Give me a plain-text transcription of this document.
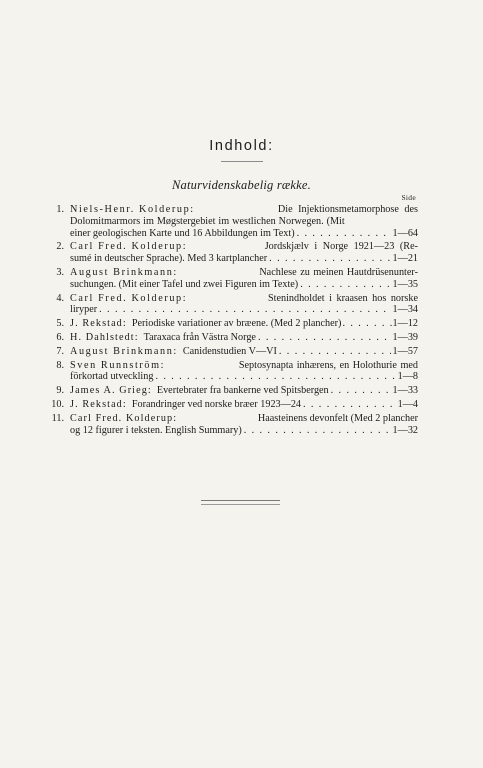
Indhold:
Naturvidenskabelig række.
Side
1. Niels-Henr. Kolderup:	Die Injektionsmetamorphose des
Dolomitmarmors im Møgstergebiet im westlichen Norwegen. (Mit
einer geologischen Karte und 16 Abbildungen im Text) . . .	1—64
2. Carl Fred. Kolderup:	Jordskjælv i Norge 1921—23 (Re-
sumé in deutscher Sprache). Med 3 kartplancher . . .	1—21
3. August Brinkmann:	Nachlese zu meinen Hautdrüsenunter-
suchungen. (Mit einer Tafel und zwei Figuren im Texte) . . .	1—35
4. Carl Fred. Kolderup:	Stenindholdet i kraasen hos norske
liryper . . .	1—34
5. J. Rekstad: Periodiske variationer av bræene. (Med 2 plancher) . . .	1—12
6. H. Dahlstedt: Taraxaca från Västra Norge . . .	1—39
7. August Brinkmann: Canidenstudien V—VI . . .	1—57
8. Sven Runnström:	Septosynapta inhærens, en Holothurie med
förkortad utveckling . . .	1—8
9. James A. Grieg: Evertebrater fra bankerne ved Spitsbergen . . .	1—33
10. J. Rekstad: Forandringer ved norske bræer 1923—24 . . .	1—4
11. Carl Fred. Kolderup:	Haasteinens devonfelt (Med 2 plancher
og 12 figurer i teksten. English Summary) . . .	1—32
